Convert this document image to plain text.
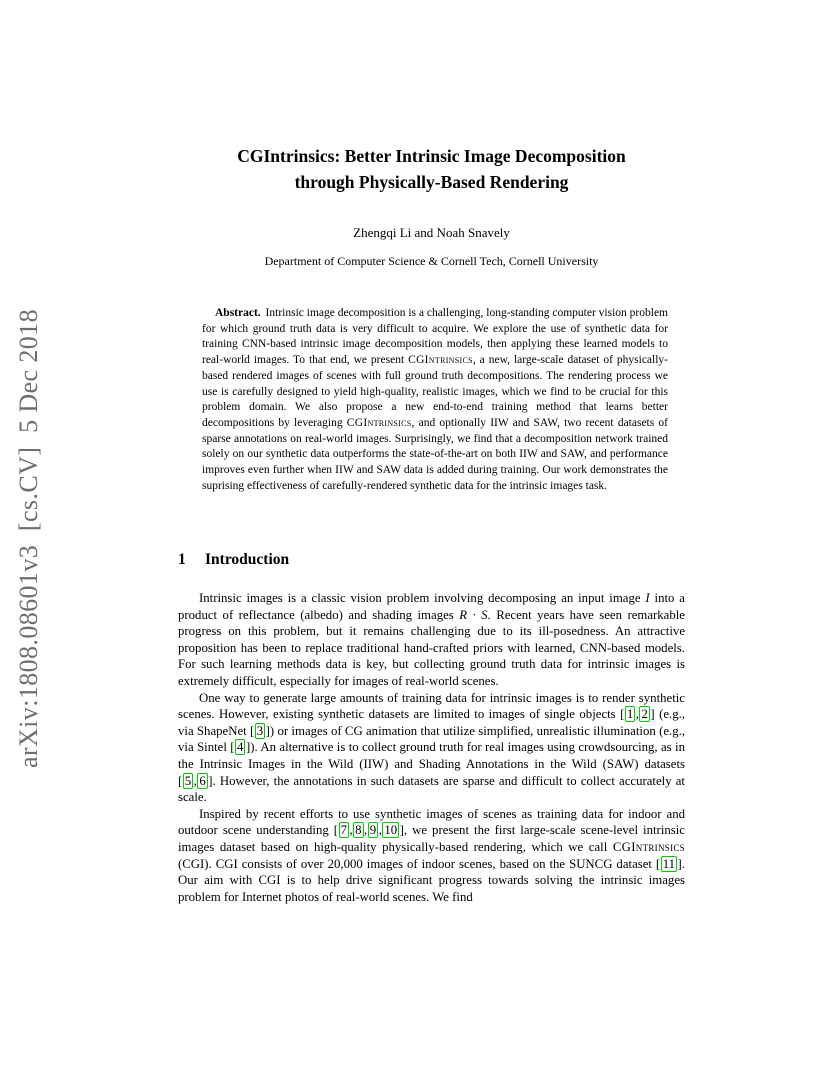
arXiv:1808.08601v3  [cs.CV]  5 Dec 2018
CGIntrinsics: Better Intrinsic Image Decomposition
through Physically-Based Rendering
Zhengqi Li and Noah Snavely
Department of Computer Science & Cornell Tech, Cornell University

Abstract. Intrinsic image decomposition is a challenging, long-standing computer vision problem for which ground truth data is very difficult to acquire. We explore the use of synthetic data for training CNN-based intrinsic image decomposition models, then applying these learned models to real-world images. To that end, we present CGIntrinsics, a new, large-scale dataset of physically-based rendered images of scenes with full ground truth decompositions. The rendering process we use is carefully designed to yield high-quality, realistic images, which we find to be crucial for this problem domain. We also propose a new end-to-end training method that learns better decompositions by leveraging CGIntrinsics, and optionally IIW and SAW, two recent datasets of sparse annotations on real-world images. Surprisingly, we find that a decomposition network trained solely on our synthetic data outperforms the state-of-the-art on both IIW and SAW, and performance improves even further when IIW and SAW data is added during training. Our work demonstrates the suprising effectiveness of carefully-rendered synthetic data for the intrinsic images task.

1 Introduction

Intrinsic images is a classic vision problem involving decomposing an input image I into a product of reflectance (albedo) and shading images R · S. Recent years have seen remarkable progress on this problem, but it remains challenging due to its ill-posedness. An attractive proposition has been to replace traditional hand-crafted priors with learned, CNN-based models. For such learning methods data is key, but collecting ground truth data for intrinsic images is extremely difficult, especially for images of real-world scenes.

One way to generate large amounts of training data for intrinsic images is to render synthetic scenes. However, existing synthetic datasets are limited to images of single objects [ 1 , 2 ] (e.g., via ShapeNet [ 3 ]) or images of CG animation that utilize simplified, unrealistic illumination (e.g., via Sintel [ 4 ]). An alternative is to collect ground truth for real images using crowdsourcing, as in the Intrinsic Images in the Wild (IIW) and Shading Annotations in the Wild (SAW) datasets [ 5 , 6 ]. However, the annotations in such datasets are sparse and difficult to collect accurately at scale.

Inspired by recent efforts to use synthetic images of scenes as training data for indoor and outdoor scene understanding [ 7 , 8 , 9 , 10 ], we present the first large-scale scene-level intrinsic images dataset based on high-quality physically-based rendering, which we call CGIntrinsics (CGI). CGI consists of over 20,000 images of indoor scenes, based on the SUNCG dataset [ 11 ]. Our aim with CGI is to help drive significant progress towards solving the intrinsic images problem for Internet photos of real-world scenes. We find
